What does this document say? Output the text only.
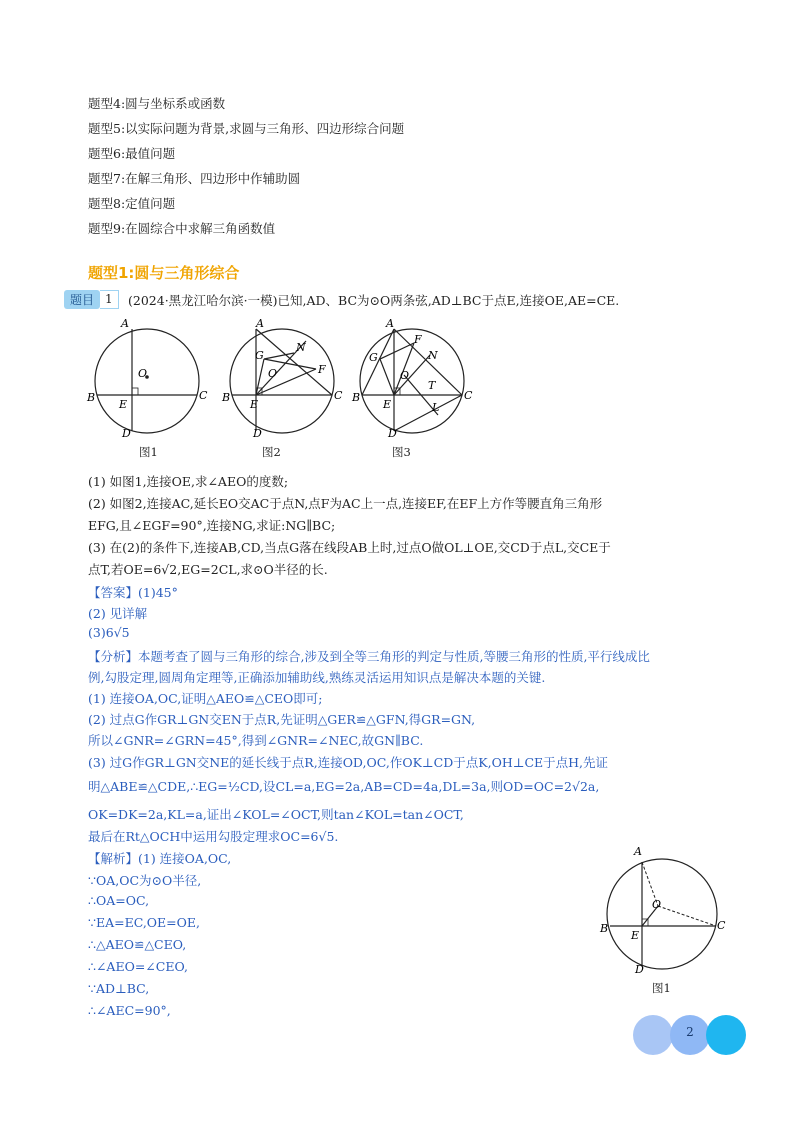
题型4:圆与坐标系或函数
题型5:以实际问题为背景,求圆与三角形、四边形综合问题
题型6:最值问题
题型7:在解三角形、四边形中作辅助圆
题型8:定值问题
题型9:在圆综合中求解三角函数值
题型1:圆与三角形综合
题目 1	(2024·黑龙江哈尔滨·一模)已知,AD、BC为⊙O两条弦,AD⊥BC于点E,连接OE,AE=CE.
A
B	C
D
E
O
图1
A
B	C
D
E
O	F
G
N
图2
A
B	C
D
E
O
F
G	N
T
L
图3
(1) 如图1,连接OE,求∠AEO的度数;
(2) 如图2,连接AC,延长EO交AC于点N,点F为AC上一点,连接EF,在EF上方作等腰直角三角形
EFG,且∠EGF=90°,连接NG,求证:NG∥BC;
(3) 在(2)的条件下,连接AB,CD,当点G落在线段AB上时,过点O做OL⊥OE,交CD于点L,交CE于
点T,若OE=6√2,EG=2CL,求⊙O半径的长.
【答案】(1)45°
(2) 见详解
(3)6√5
【分析】本题考查了圆与三角形的综合,涉及到全等三角形的判定与性质,等腰三角形的性质,平行线成比
例,勾股定理,圆周角定理等,正确添加辅助线,熟练灵活运用知识点是解决本题的关键.
(1) 连接OA,OC,证明△AEO≌△CEO即可;
(2) 过点G作GR⊥GN交EN于点R,先证明△GER≌△GFN,得GR=GN,
所以∠GNR=∠GRN=45°,得到∠GNR=∠NEC,故GN∥BC.
(3) 过G作GR⊥GN交NE的延长线于点R,连接OD,OC,作OK⊥CD于点K,OH⊥CE于点H,先证
明△ABE≌△CDE,∴EG=½CD,设CL=a,EG=2a,AB=CD=4a,DL=3a,则OD=OC=2√2a,
OK=DK=2a,KL=a,证出∠KOL=∠OCT,则tan∠KOL=tan∠OCT,
最后在Rt△OCH中运用勾股定理求OC=6√5.
【解析】(1) 连接OA,OC,
∵OA,OC为⊙O半径,
∴OA=OC,
∵EA=EC,OE=OE,
∴△AEO≌△CEO,
∴∠AEO=∠CEO,
∵AD⊥BC,
∴∠AEC=90°,
A
B	C
D
E
O
图1
2
